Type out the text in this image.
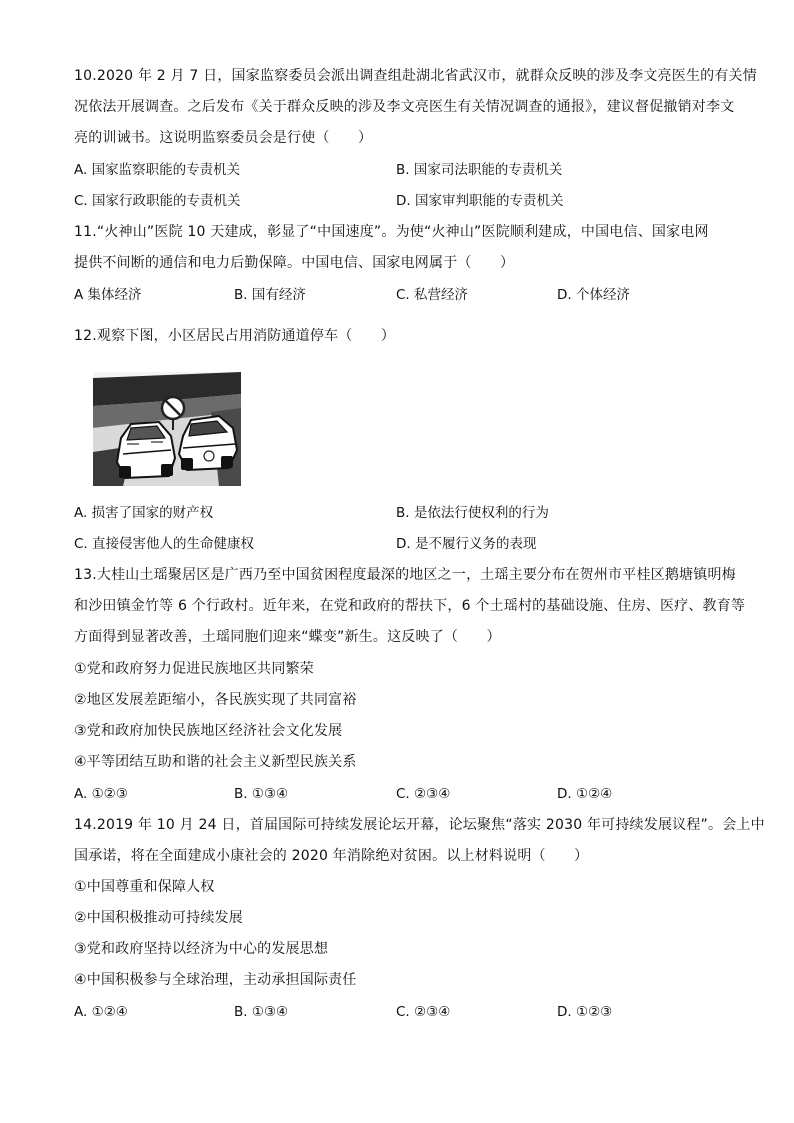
10.2020 年 2 月 7 日，国家监察委员会派出调查组赴湖北省武汉市，就群众反映的涉及李文亮医生的有关情
况依法开展调查。之后发布《关于群众反映的涉及李文亮医生有关情况调查的通报》，建议督促撤销对李文
亮的训诫书。这说明监察委员会是行使（　　）
A. 国家监察职能的专责机关	B. 国家司法职能的专责机关
C. 国家行政职能的专责机关	D. 国家审判职能的专责机关
11.“火神山”医院 10 天建成，彰显了“中国速度”。为使“火神山”医院顺利建成，中国电信、国家电网
提供不间断的通信和电力后勤保障。中国电信、国家电网属于（　　）
A 集体经济	B. 国有经济	C. 私营经济	D. 个体经济
12.观察下图，小区居民占用消防通道停车（　　）
A. 损害了国家的财产权	B. 是依法行使权利的行为
C. 直接侵害他人的生命健康权	D. 是不履行义务的表现
13.大桂山土瑶聚居区是广西乃至中国贫困程度最深的地区之一，土瑶主要分布在贺州市平桂区鹅塘镇明梅
和沙田镇金竹等 6 个行政村。近年来，在党和政府的帮扶下，6 个土瑶村的基础设施、住房、医疗、教育等
方面得到显著改善，土瑶同胞们迎来“蝶变”新生。这反映了（　　）
①党和政府努力促进民族地区共同繁荣
②地区发展差距缩小，各民族实现了共同富裕
③党和政府加快民族地区经济社会文化发展
④平等团结互助和谐的社会主义新型民族关系
A. ①②③	B. ①③④	C. ②③④	D. ①②④
14.2019 年 10 月 24 日，首届国际可持续发展论坛开幕，论坛聚焦“落实 2030 年可持续发展议程”。会上中
国承诺，将在全面建成小康社会的 2020 年消除绝对贫困。以上材料说明（　　）
①中国尊重和保障人权
②中国积极推动可持续发展
③党和政府坚持以经济为中心的发展思想
④中国积极参与全球治理，主动承担国际责任
A. ①②④	B. ①③④	C. ②③④	D. ①②③
